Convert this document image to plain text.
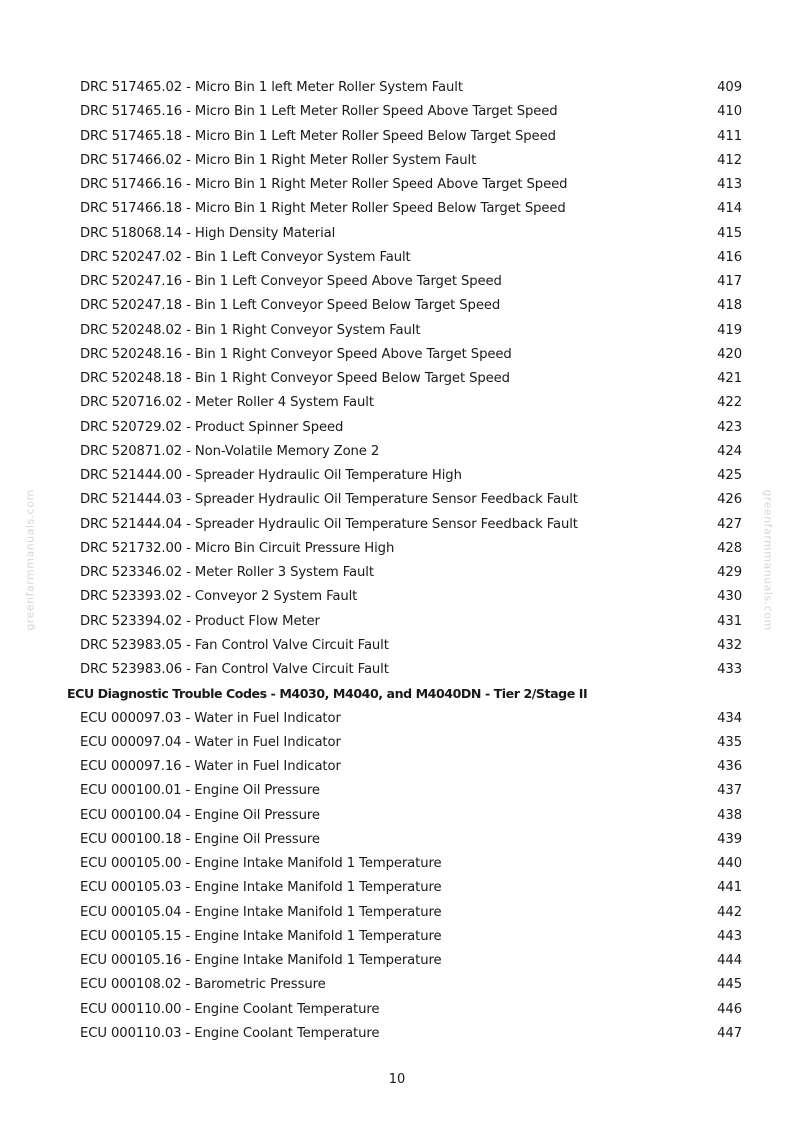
greenfarmmanuals.com	greenfarmmanuals.com
DRC 517465.02 - Micro Bin 1 left Meter Roller System Fault	409
DRC 517465.16 - Micro Bin 1 Left Meter Roller Speed Above Target Speed	410
DRC 517465.18 - Micro Bin 1 Left Meter Roller Speed Below Target Speed	411
DRC 517466.02 - Micro Bin 1 Right Meter Roller System Fault	412
DRC 517466.16 - Micro Bin 1 Right Meter Roller Speed Above Target Speed	413
DRC 517466.18 - Micro Bin 1 Right Meter Roller Speed Below Target Speed	414
DRC 518068.14 - High Density Material	415
DRC 520247.02 - Bin 1 Left Conveyor System Fault	416
DRC 520247.16 - Bin 1 Left Conveyor Speed Above Target Speed	417
DRC 520247.18 - Bin 1 Left Conveyor Speed Below Target Speed	418
DRC 520248.02 - Bin 1 Right Conveyor System Fault	419
DRC 520248.16 - Bin 1 Right Conveyor Speed Above Target Speed	420
DRC 520248.18 - Bin 1 Right Conveyor Speed Below Target Speed	421
DRC 520716.02 - Meter Roller 4 System Fault	422
DRC 520729.02 - Product Spinner Speed	423
DRC 520871.02 - Non-Volatile Memory Zone 2	424
DRC 521444.00 - Spreader Hydraulic Oil Temperature High	425
DRC 521444.03 - Spreader Hydraulic Oil Temperature Sensor Feedback Fault	426
DRC 521444.04 - Spreader Hydraulic Oil Temperature Sensor Feedback Fault	427
DRC 521732.00 - Micro Bin Circuit Pressure High	428
DRC 523346.02 - Meter Roller 3 System Fault	429
DRC 523393.02 - Conveyor 2 System Fault	430
DRC 523394.02 - Product Flow Meter	431
DRC 523983.05 - Fan Control Valve Circuit Fault	432
DRC 523983.06 - Fan Control Valve Circuit Fault	433
ECU Diagnostic Trouble Codes - M4030, M4040, and M4040DN - Tier 2/Stage II
ECU 000097.03 - Water in Fuel Indicator	434
ECU 000097.04 - Water in Fuel Indicator	435
ECU 000097.16 - Water in Fuel Indicator	436
ECU 000100.01 - Engine Oil Pressure	437
ECU 000100.04 - Engine Oil Pressure	438
ECU 000100.18 - Engine Oil Pressure	439
ECU 000105.00 - Engine Intake Manifold 1 Temperature	440
ECU 000105.03 - Engine Intake Manifold 1 Temperature	441
ECU 000105.04 - Engine Intake Manifold 1 Temperature	442
ECU 000105.15 - Engine Intake Manifold 1 Temperature	443
ECU 000105.16 - Engine Intake Manifold 1 Temperature	444
ECU 000108.02 - Barometric Pressure	445
ECU 000110.00 - Engine Coolant Temperature	446
ECU 000110.03 - Engine Coolant Temperature	447
10
